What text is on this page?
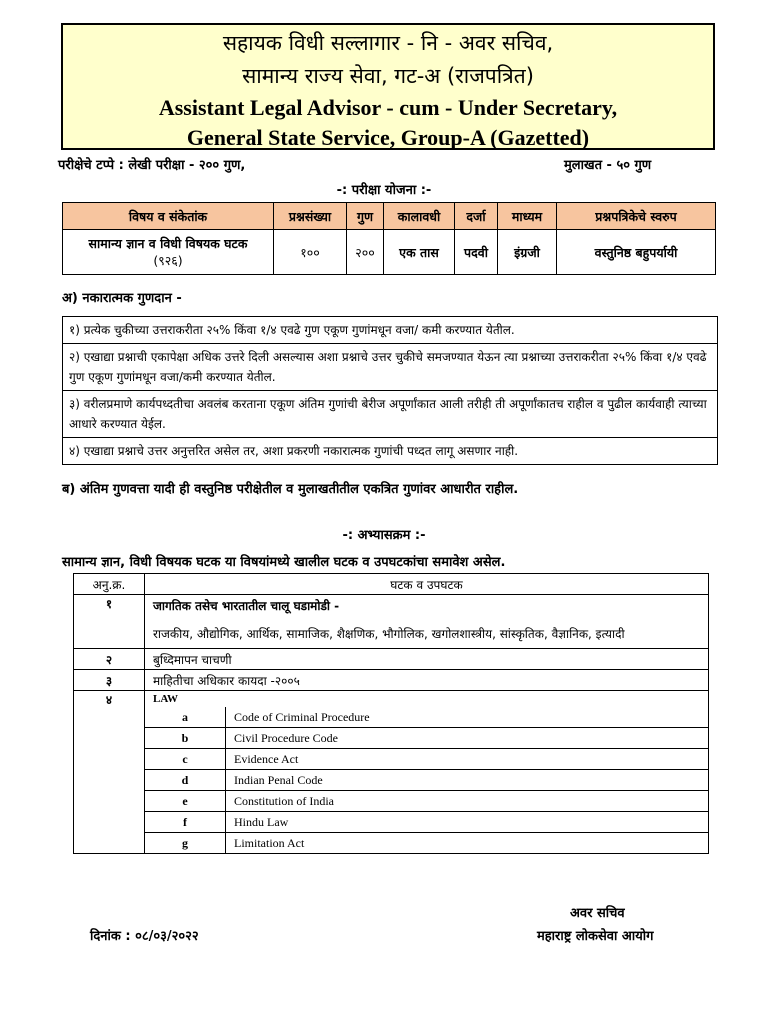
सहायक विधी सल्लागार - नि - अवर सचिव,
सामान्य राज्य सेवा, गट-अ (राजपत्रित)
Assistant Legal Advisor - cum - Under Secretary,
General State Service, Group-A (Gazetted)
परीक्षेचे टप्पे : लेखी परीक्षा - २०० गुण,	मुलाखत - ५० गुण
-: परीक्षा योजना :-
विषय व संकेतांक	प्रश्नसंख्या	गुण	कालावधी	दर्जा	माध्यम	प्रश्नपत्रिकेचे स्वरुप

सामान्य ज्ञान व विधी विषयक घटक
(९२६)	१००	२००	एक तास	पदवी	इंग्रजी	वस्तुनिष्ठ बहुपर्यायी
अ) नकारात्मक गुणदान -
१) प्रत्येक चुकीच्या उत्तराकरीता २५% किंवा १/४ एवढे गुण एकूण गुणांमधून वजा/ कमी करण्यात येतील.
२) एखाद्या प्रश्नाची एकापेक्षा अधिक उत्तरे दिली असल्यास अशा प्रश्नाचे उत्तर चुकीचे समजण्यात येऊन त्या प्रश्नाच्या उत्तराकरीता २५% किंवा १/४ एवढे गुण एकूण गुणांमधून वजा/कमी करण्यात येतील.
३) वरीलप्रमाणे कार्यपध्दतीचा अवलंब करताना एकूण अंतिम गुणांची बेरीज अपूर्णांकात आली तरीही ती अपूर्णांकातच राहील व पुढील कार्यवाही त्याच्या आधारे करण्यात येईल.
४) एखाद्या प्रश्नाचे उत्तर अनुत्तरित असेल तर, अशा प्रकरणी नकारात्मक गुणांची पध्दत लागू असणार नाही.
ब) अंतिम गुणवत्ता यादी ही वस्तुनिष्ठ परीक्षेतील व मुलाखतीतील एकत्रित गुणांवर आधारीत राहील.
-: अभ्यासक्रम :-
सामान्य ज्ञान, विधी विषयक घटक या विषयांमध्ये खालील घटक व उपघटकांचा समावेश असेल.
अनु.क्र.	घटक व उपघटक
१	जागतिक तसेच भारतातील चालू घडामोडी -
राजकीय, औद्योगिक, आर्थिक, सामाजिक, शैक्षणिक, भौगोलिक, खगोलशास्त्रीय, सांस्कृतिक, वैज्ञानिक, इत्यादी

२	बुध्दिमापन चाचणी
३	माहितीचा अधिकार कायदा -२००५
४	LAW
a	Code of Criminal Procedure
b	Civil Procedure Code
c	Evidence Act
d	Indian Penal Code
e	Constitution of India
f	Hindu Law
g	Limitation Act
अवर सचिव
महाराष्ट्र लोकसेवा आयोग
दिनांक : ०८/०३/२०२२
